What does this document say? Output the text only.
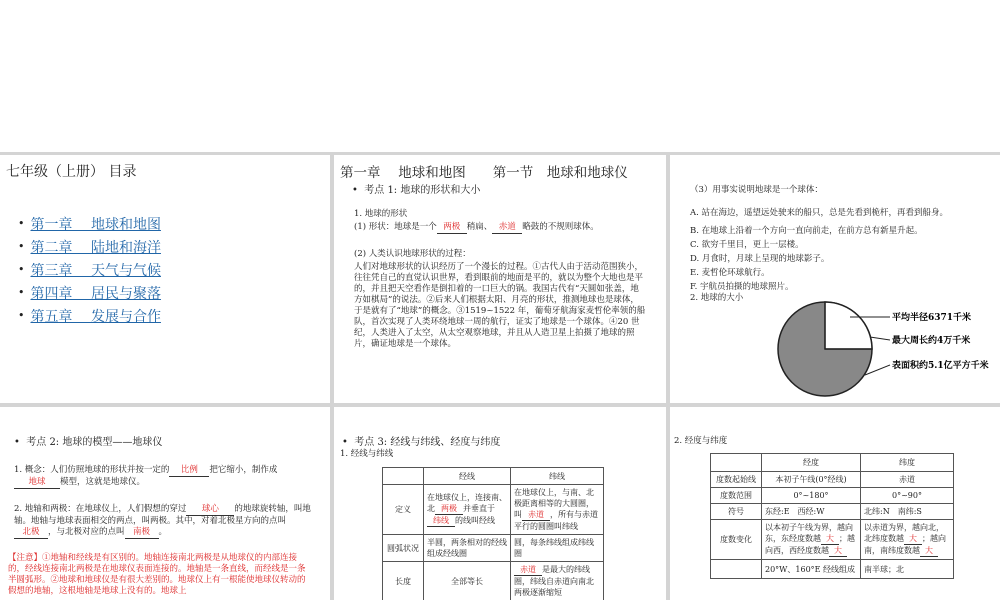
七年级（上册） 目录
• 第一章　 地球和地图
• 第二章　 陆地和海洋
• 第三章　 天气与气候
• 第四章　 居民与聚落
• 第五章　 发展与合作
第一章　 地球和地图　　第一节　地球和地球仪
•  考点 1: 地球的形状和大小
1. 地球的形状
(1) 形状：地球是一个 两极 稍扁、 赤道 略鼓的不规则球体。
(2) 人类认识地球形状的过程：
人们对地球形状的认识经历了一个漫长的过程。①古代人由于活动范围狭小，往往凭自己的直觉认识世界，看到眼前的地面是平的，就以为整个大地也是平的，并且把天空看作是倒扣着的一口巨大的锅。我国古代有“天圆如张盖，地方如棋局”的说法。②后来人们根据太阳、月亮的形状，推测地球也是球体，于是就有了“地球”的概念。③1519~1522 年，葡萄牙航海家麦哲伦率领的船队，首次实现了人类环绕地球一周的航行，证实了地球是一个球体。④20 世纪，人类进入了太空，从太空观察地球，并且从人造卫星上拍摄了地球的照片，确证地球是一个球体。
（3）用事实说明地球是一个球体：
A. 站在海边，遥望远处驶来的船只，总是先看到桅杆，再看到船身。
B. 在地球上沿着一个方向一直向前走，在前方总有新星升起。
C. 欲穷千里目，更上一层楼。
D. 月食时，月球上呈现的地球影子。
E. 麦哲伦环球航行。
F. 宇航员拍摄的地球照片。
2. 地球的大小
平均半径6371千米
最大周长约4万千米
表面积约5.1亿平方千米
•  考点 2: 地球的模型——地球仪
1. 概念：人们仿照地球的形状并按一定的 比例 把它缩小，制作成地球 模型，这就是地球仪。
2. 地轴和两极：在地球仪上，人们假想的穿过 球心 的地球旋转轴，叫地轴。地轴与地球表面相交的两点，叫两极。其中，对着北极星方向的点叫北极 ，与北极对应的点叫 南极 。
【注意】①地轴和经线是有区别的。地轴连接南北两极是从地球仪的内部连接的，经线连接南北两极是在地球仪表面连接的。地轴是一条直线，而经线是一条半圆弧形。②地球和地球仪是有很大差别的。地球仪上有一根能使地球仪转动的假想的地轴，这根地轴是地球上没有的。地球上
•  考点 3: 经线与纬线、经度与纬度
1. 经线与纬线
	经线	纬线
定义	在地球仪上，连接南、北 两极 并垂直于纬线 的线叫经线	在地球仪上，与南、北极距离相等的大圆圈，叫 赤道 ，所有与赤道平行的圆圈叫纬线
圆弧状况	半圆，两条相对的经线组成经线圈	圆，每条纬线组成纬线圈
长度	全部等长	赤道 是最大的纬线圈，纬线自赤道向南北两极逐渐缩短
2. 经度与纬度
	经度	纬度
度数起始线	本初子午线(0°经线)	赤道
度数范围	0°~180°	0°~90°
符号	东经:E　西经:W	北纬:N　南纬:S
度数变化	以本初子午线为界，越向东，东经度数越 大 ；越向西，西经度数越 大	以赤道为界，越向北，北纬度数越 大 ；越向南，南纬度数越 大
	20°W、160°E 经线组成	南半球；北
